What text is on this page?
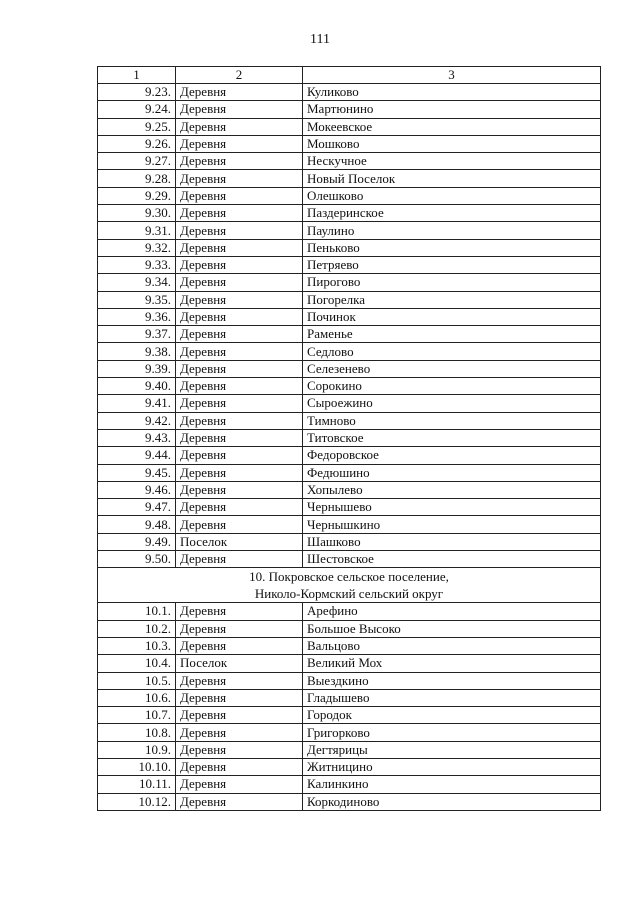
111
1	2	3
9.23.	Деревня	Куликово
9.24.	Деревня	Мартюнино
9.25.	Деревня	Мокеевское
9.26.	Деревня	Мошково
9.27.	Деревня	Нескучное
9.28.	Деревня	Новый Поселок
9.29.	Деревня	Олешково
9.30.	Деревня	Паздеринское
9.31.	Деревня	Паулино
9.32.	Деревня	Пеньково
9.33.	Деревня	Петряево
9.34.	Деревня	Пирогово
9.35.	Деревня	Погорелка
9.36.	Деревня	Починок
9.37.	Деревня	Раменье
9.38.	Деревня	Седлово
9.39.	Деревня	Селезенево
9.40.	Деревня	Сорокино
9.41.	Деревня	Сыроежино
9.42.	Деревня	Тимново
9.43.	Деревня	Титовское
9.44.	Деревня	Федоровское
9.45.	Деревня	Федюшино
9.46.	Деревня	Хопылево
9.47.	Деревня	Чернышево
9.48.	Деревня	Чернышкино
9.49.	Поселок	Шашково
9.50.	Деревня	Шестовское

10. Покровское сельское поселение,
Николо-Кормский сельский округ		

10.1.	Деревня	Арефино
10.2.	Деревня	Большое Высоко
10.3.	Деревня	Вальцово
10.4.	Поселок	Великий Мох
10.5.	Деревня	Выездкино
10.6.	Деревня	Гладышево
10.7.	Деревня	Городок
10.8.	Деревня	Григорково
10.9.	Деревня	Дегтярицы
10.10.	Деревня	Житницино
10.11.	Деревня	Калинкино
10.12.	Деревня	Коркодиново
